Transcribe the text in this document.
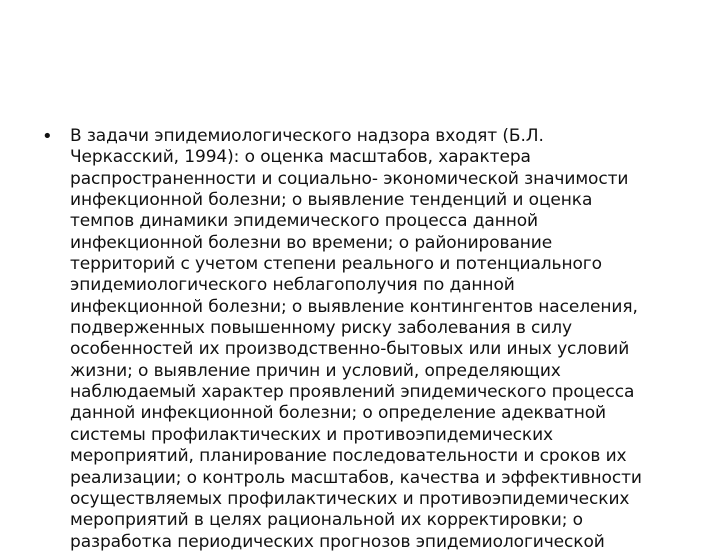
•	В задачи эпидемиологического надзора входят (Б.Л.
Черкасский, 1994): о оценка масштабов, характера
распространенности и социально- экономической значимости
инфекционной болезни; о выявление тенденций и оценка
темпов динамики эпидемического процесса данной
инфекционной болезни во времени; о районирование
территорий с учетом степени реального и потенциального
эпидемиологического неблагополучия по данной
инфекционной болезни; о выявление контингентов населения,
подверженных повышенному риску заболевания в силу
особенностей их производственно-бытовых или иных условий
жизни; о выявление причин и условий, определяющих
наблюдаемый характер проявлений эпидемического процесса
данной инфекционной болезни; о определение адекватной
системы профилактических и противоэпидемических
мероприятий, планирование последовательности и сроков их
реализации; о контроль масштабов, качества и эффективности
осуществляемых профилактических и противоэпидемических
мероприятий в целях рациональной их корректировки; о
разработка периодических прогнозов эпидемиологической
